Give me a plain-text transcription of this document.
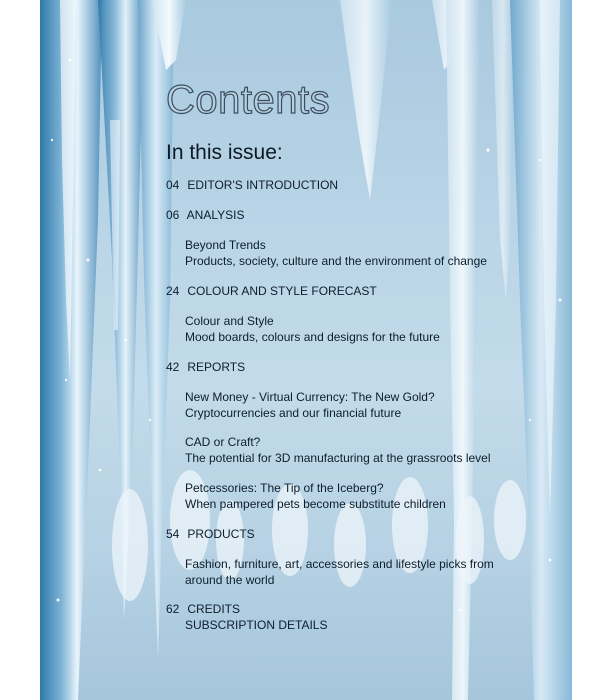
Contents
In this issue:
04 EDITOR'S INTRODUCTION
06 ANALYSIS
Beyond Trends
Products, society, culture and the environment of change
24 COLOUR AND STYLE FORECAST
Colour and Style
Mood boards, colours and designs for the future
42 REPORTS
New Money - Virtual Currency: The New Gold?
Cryptocurrencies and our financial future
CAD or Craft?
The potential for 3D manufacturing at the grassroots level
Petcessories: The Tip of the Iceberg?
When pampered pets become substitute children
54 PRODUCTS
Fashion, furniture, art, accessories and lifestyle picks from
around the world
62 CREDITS
SUBSCRIPTION DETAILS
